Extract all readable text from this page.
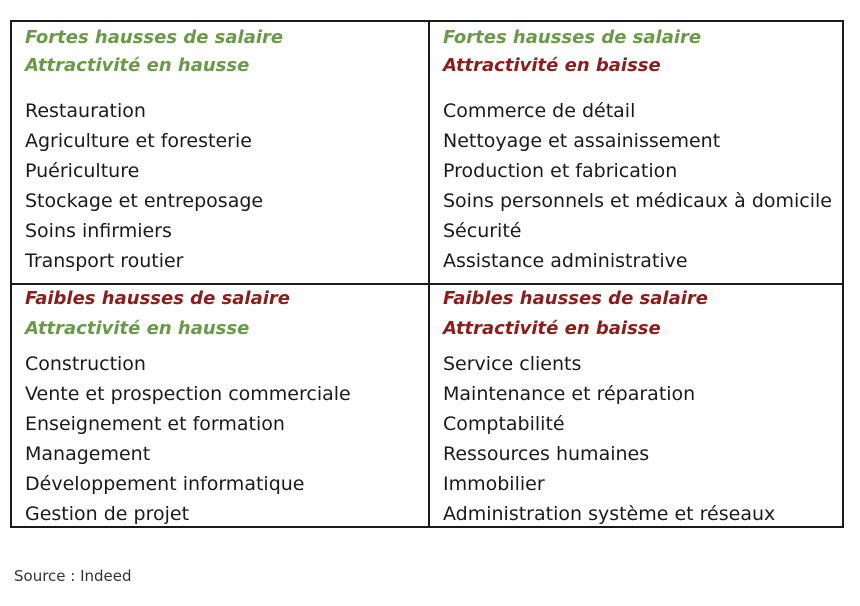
Fortes hausses de salaire
Attractivité en hausse
Restauration
Agriculture et foresterie
Puériculture
Stockage et entreposage
Soins infirmiers
Transport routier
Fortes hausses de salaire
Attractivité en baisse
Commerce de détail
Nettoyage et assainissement
Production et fabrication
Soins personnels et médicaux à domicile
Sécurité
Assistance administrative
Faibles hausses de salaire
Attractivité en hausse
Construction
Vente et prospection commerciale
Enseignement et formation
Management
Développement informatique
Gestion de projet
Faibles hausses de salaire
Attractivité en baisse
Service clients
Maintenance et réparation
Comptabilité
Ressources humaines
Immobilier
Administration système et réseaux
Source : Indeed
